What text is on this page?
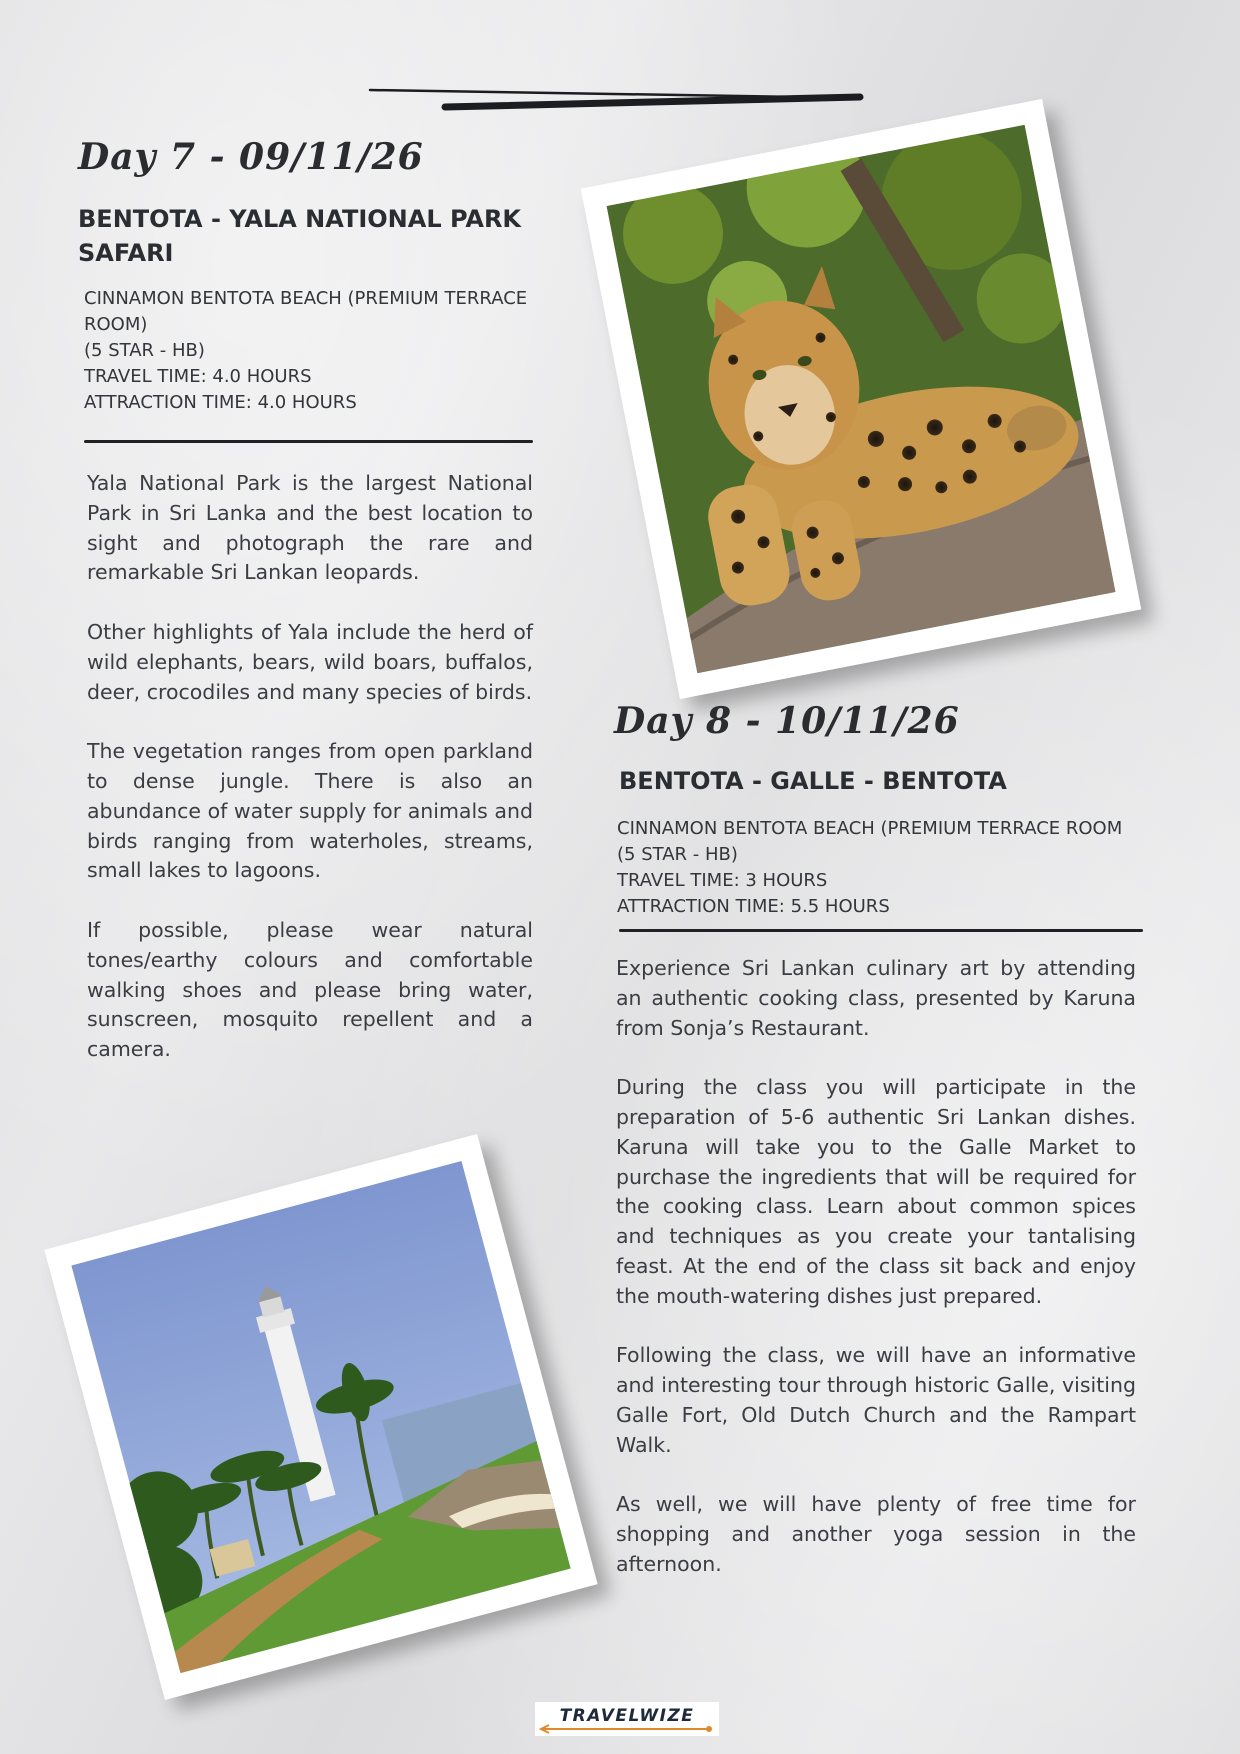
Day 7 - 09/11/26

BENTOTA - YALA NATIONAL PARK
SAFARI

CINNAMON BENTOTA BEACH (PREMIUM TERRACE
ROOM)
(5 STAR - HB)
TRAVEL TIME: 4.0 HOURS
ATTRACTION TIME: 4.0 HOURS

Yala National Park is the largest National Park in Sri Lanka and the best location to sight and photograph the rare and remarkable Sri Lankan leopards.

Other highlights of Yala include the herd of wild elephants, bears, wild boars, buffalos, deer, crocodiles and many species of birds.

The vegetation ranges from open parkland to dense jungle. There is also an abundance of water supply for animals and birds ranging from waterholes, streams, small lakes to lagoons.

If possible, please wear natural tones/earthy colours and comfortable walking shoes and please bring water, sunscreen, mosquito repellent and a camera.

Day 8 - 10/11/26

BENTOTA - GALLE - BENTOTA

CINNAMON BENTOTA BEACH (PREMIUM TERRACE ROOM
(5 STAR - HB)
TRAVEL TIME: 3 HOURS
ATTRACTION TIME: 5.5 HOURS

Experience Sri Lankan culinary art by attending an authentic cooking class, presented by Karuna from Sonja’s Restaurant.

During the class you will participate in the preparation of 5-6 authentic Sri Lankan dishes. Karuna will take you to the Galle Market to purchase the ingredients that will be required for the cooking class. Learn about common spices and techniques as you create your tantalising feast. At the end of the class sit back and enjoy the mouth-watering dishes just prepared.

Following the class, we will have an informative and interesting tour through historic Galle, visiting Galle Fort, Old Dutch Church and the Rampart Walk.

As well, we will have plenty of free time for shopping and another yoga session in the afternoon.

TRAVELWIZE
